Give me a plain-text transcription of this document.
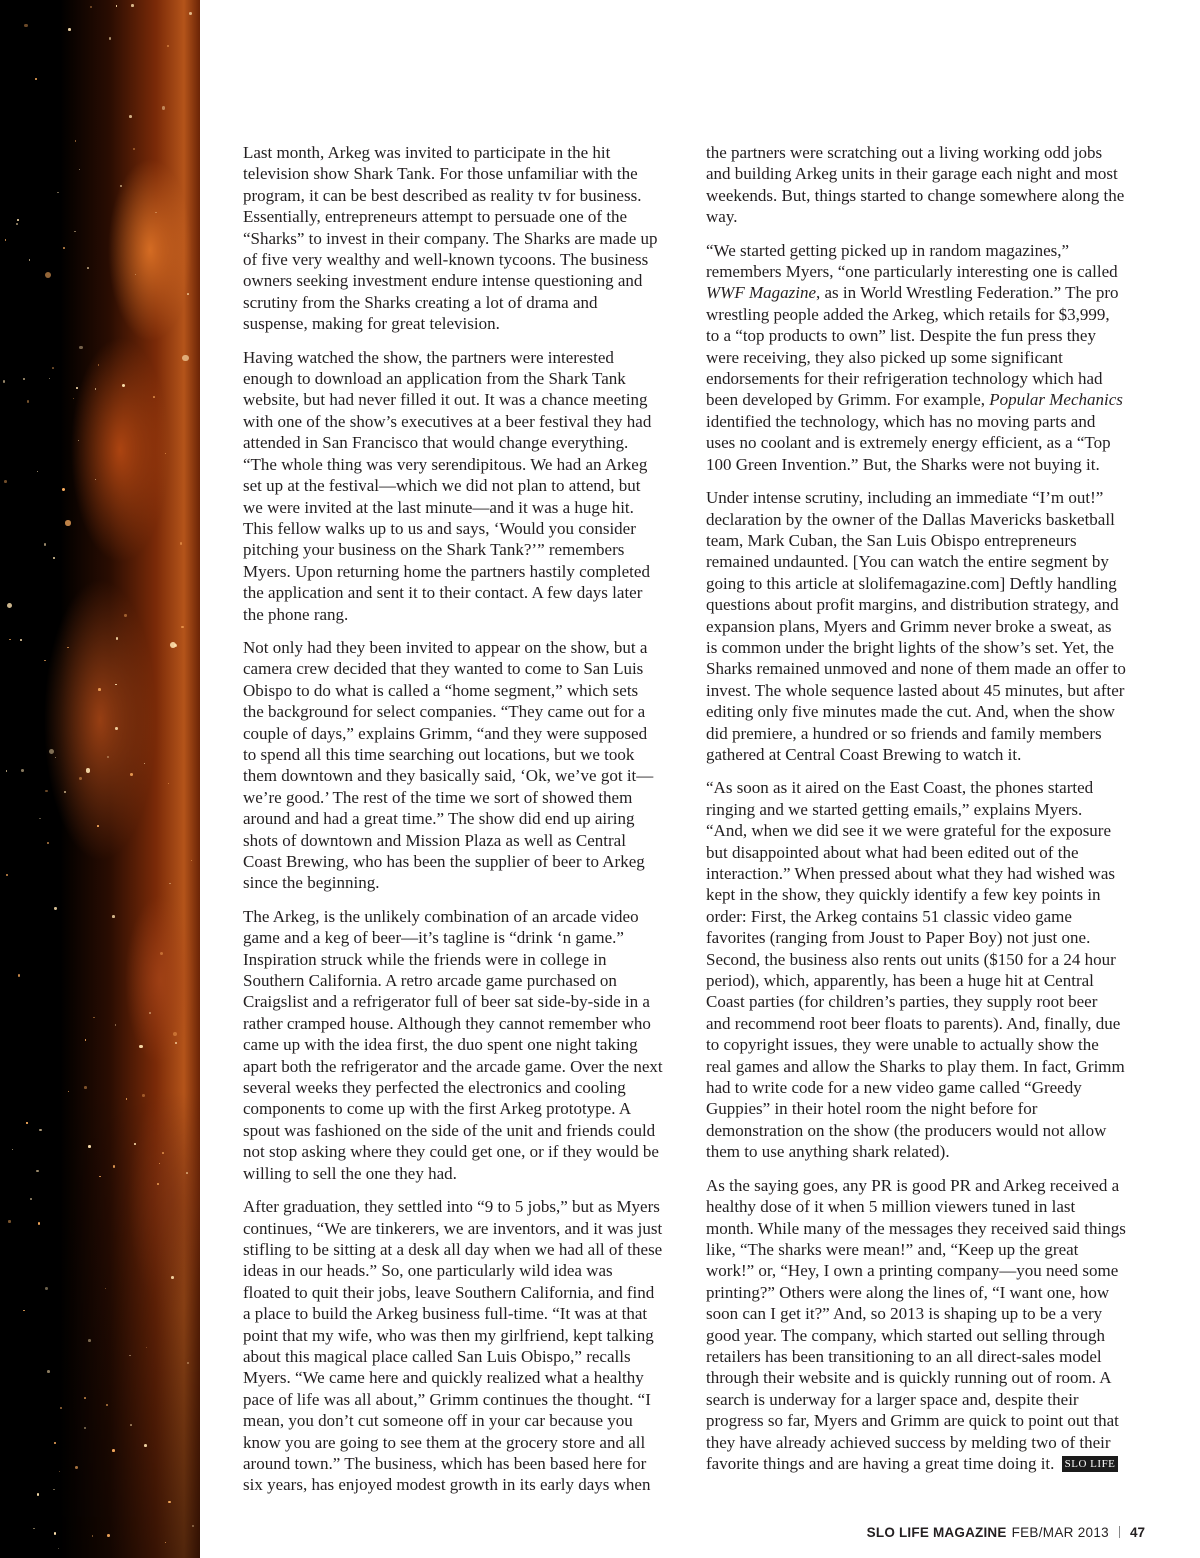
Last month, Arkeg was invited to participate in the hit television show Shark Tank. For those unfamiliar with the program, it can be best described as reality tv for business. Essentially, entrepreneurs attempt to persuade one of the “Sharks” to invest in their company. The Sharks are made up of five very wealthy and well-known tycoons. The business owners seeking investment endure intense questioning and scrutiny from the Sharks creating a lot of drama and suspense, making for great television.

Having watched the show, the partners were interested enough to download an application from the Shark Tank website, but had never filled it out. It was a chance meeting with one of the show’s executives at a beer festival they had attended in San Francisco that would change everything. “The whole thing was very serendipitous. We had an Arkeg set up at the festival—which we did not plan to attend, but we were invited at the last minute—and it was a huge hit. This fellow walks up to us and says, ‘Would you consider pitching your business on the Shark Tank?’” remembers Myers. Upon returning home the partners hastily completed the application and sent it to their contact. A few days later the phone rang.

Not only had they been invited to appear on the show, but a camera crew decided that they wanted to come to San Luis Obispo to do what is called a “home segment,” which sets the background for select companies. “They came out for a couple of days,” explains Grimm, “and they were supposed to spend all this time searching out locations, but we took them downtown and they basically said, ‘Ok, we’ve got it—we’re good.’ The rest of the time we sort of showed them around and had a great time.” The show did end up airing shots of downtown and Mission Plaza as well as Central Coast Brewing, who has been the supplier of beer to Arkeg since the beginning.

The Arkeg, is the unlikely combination of an arcade video game and a keg of beer—it’s tagline is “drink ‘n game.” Inspiration struck while the friends were in college in Southern California. A retro arcade game purchased on Craigslist and a refrigerator full of beer sat side-by-side in a rather cramped house. Although they cannot remember who came up with the idea first, the duo spent one night taking apart both the refrigerator and the arcade game. Over the next several weeks they perfected the electronics and cooling components to come up with the first Arkeg prototype. A spout was fashioned on the side of the unit and friends could not stop asking where they could get one, or if they would be willing to sell the one they had.

After graduation, they settled into “9 to 5 jobs,” but as Myers continues, “We are tinkerers, we are inventors, and it was just stifling to be sitting at a desk all day when we had all of these ideas in our heads.” So, one particularly wild idea was floated to quit their jobs, leave Southern California, and find a place to build the Arkeg business full-time. “It was at that point that my wife, who was then my girlfriend, kept talking about this magical place called San Luis Obispo,” recalls Myers. “We came here and quickly realized what a healthy pace of life was all about,” Grimm continues the thought. “I mean, you don’t cut someone off in your car because you know you are going to see them at the grocery store and all around town.” The business, which has been based here for six years, has enjoyed modest growth in its early days when

the partners were scratching out a living working odd jobs and building Arkeg units in their garage each night and most weekends. But, things started to change somewhere along the way.

“We started getting picked up in random magazines,” remembers Myers, “one particularly interesting one is called WWF Magazine, as in World Wrestling Federation.” The pro wrestling people added the Arkeg, which retails for $3,999, to a “top products to own” list. Despite the fun press they were receiving, they also picked up some significant endorsements for their refrigeration technology which had been developed by Grimm. For example, Popular Mechanics identified the technology, which has no moving parts and uses no coolant and is extremely energy efficient, as a “Top 100 Green Invention.” But, the Sharks were not buying it.

Under intense scrutiny, including an immediate “I’m out!” declaration by the owner of the Dallas Mavericks basketball team, Mark Cuban, the San Luis Obispo entrepreneurs remained undaunted. [You can watch the entire segment by going to this article at slolifemagazine.com] Deftly handling questions about profit margins, and distribution strategy, and expansion plans, Myers and Grimm never broke a sweat, as is common under the bright lights of the show’s set. Yet, the Sharks remained unmoved and none of them made an offer to invest. The whole sequence lasted about 45 minutes, but after editing only five minutes made the cut. And, when the show did premiere, a hundred or so friends and family members gathered at Central Coast Brewing to watch it.

“As soon as it aired on the East Coast, the phones started ringing and we started getting emails,” explains Myers. “And, when we did see it we were grateful for the exposure but disappointed about what had been edited out of the interaction.” When pressed about what they had wished was kept in the show, they quickly identify a few key points in order: First, the Arkeg contains 51 classic video game favorites (ranging from Joust to Paper Boy) not just one. Second, the business also rents out units ($150 for a 24 hour period), which, apparently, has been a huge hit at Central Coast parties (for children’s parties, they supply root beer and recommend root beer floats to parents). And, finally, due to copyright issues, they were unable to actually show the real games and allow the Sharks to play them. In fact, Grimm had to write code for a new video game called “Greedy Guppies” in their hotel room the night before for demonstration on the show (the producers would not allow them to use anything shark related).

As the saying goes, any PR is good PR and Arkeg received a healthy dose of it when 5 million viewers tuned in last month. While many of the messages they received said things like, “The sharks were mean!” and, “Keep up the great work!” or, “Hey, I own a printing company—you need some printing?” Others were along the lines of, “I want one, how soon can I get it?” And, so 2013 is shaping up to be a very good year. The company, which started out selling through retailers has been transitioning to an all direct-sales model through their website and is quickly running out of room. A search is underway for a larger space and, despite their progress so far, Myers and Grimm are quick to point out that they have already achieved success by melding two of their favorite things and are having a great time doing it. SLO LIFE

SLO LIFE MAGAZINE FEB/MAR 2013 47
